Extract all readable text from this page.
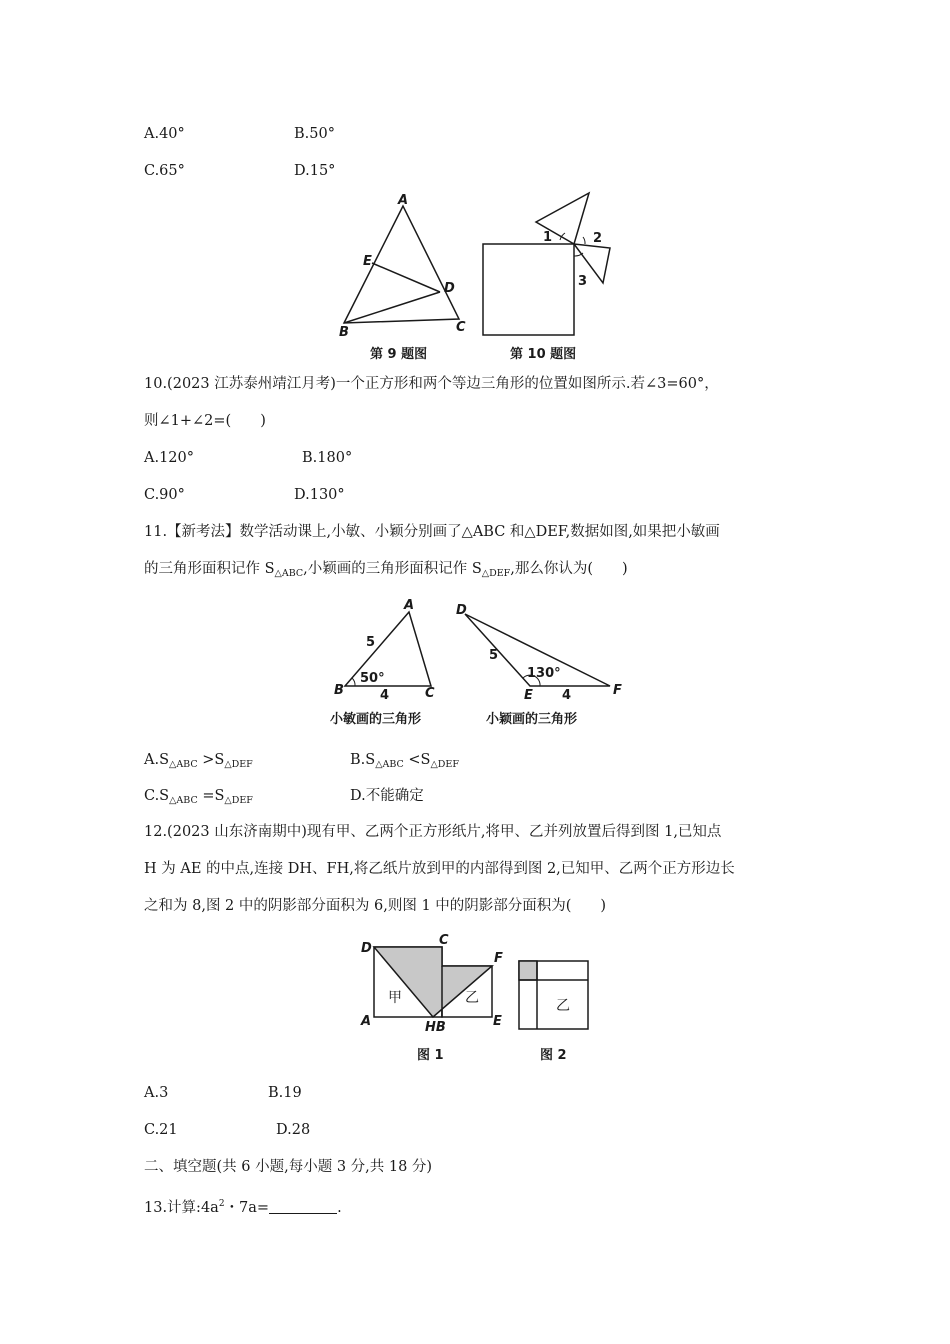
A.40°	B.50°
C.65°	D.15°
A
E
D
B	C
第 9 题图
1	2
3
第 10 题图
10.(2023 江苏泰州靖江月考)一个正方形和两个等边三角形的位置如图所示.若∠3=60°，
则∠1+∠2=(　　)
A.120°	B.180°
C.90°	D.130°
11.【新考法】数学活动课上,小敏、小颖分别画了△ABC 和△DEF,数据如图,如果把小敏画
的三角形面积记作 $S_{\triangle ABC}$,小颖画的三角形面积记作 $S_{\triangle DEF}$,那么你认为(　　)
A
B	C
5
50°
4
D
E	F
5
130°
4
小敏画的三角形	小颖画的三角形
$A.S_{\triangle ABC} >S_{\triangle DEF}$	$B.S_{\triangle ABC} <S_{\triangle DEF}$
$C.S_{\triangle ABC} =S_{\triangle DEF}$	D.不能确定
12.(2023 山东济南期中)现有甲、乙两个正方形纸片,将甲、乙并列放置后得到图 1,已知点
H 为 AE 的中点,连接 DH、FH,将乙纸片放到甲的内部得到图 2,已知甲、乙两个正方形边长
之和为 8,图 2 中的阴影部分面积为 6,则图 1 中的阴影部分面积为(　　)
D
C
F
A	HB	E
甲	乙	乙
图 1	图 2
A.3	B.19
C.21	D.28
二、填空题(共 6 小题,每小题 3 分,共 18 分)
13.计算$:4a^2$・7a=	.
